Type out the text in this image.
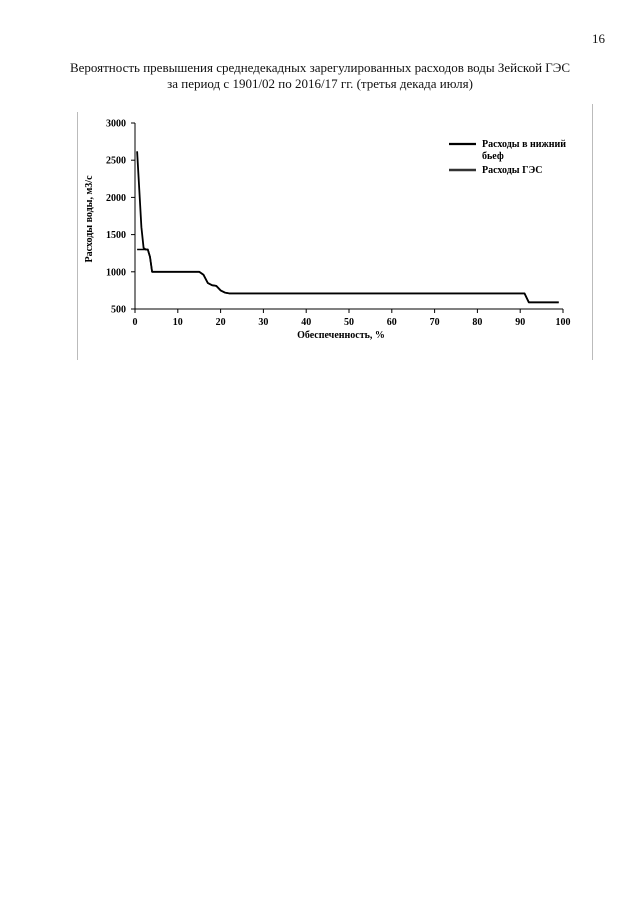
16
Вероятность превышения среднедекадных зарегулированных расходов воды Зейской ГЭС
за период с 1901/02 по 2016/17 гг. (третья декада июля)
3000
2500
2000
1500
1000
500
0	10	20	30	40	50	60	70	80	90	100
Обеспеченность, %
Расходы воды, м3/с
Расходы в нижний бьеф
Расходы ГЭС
